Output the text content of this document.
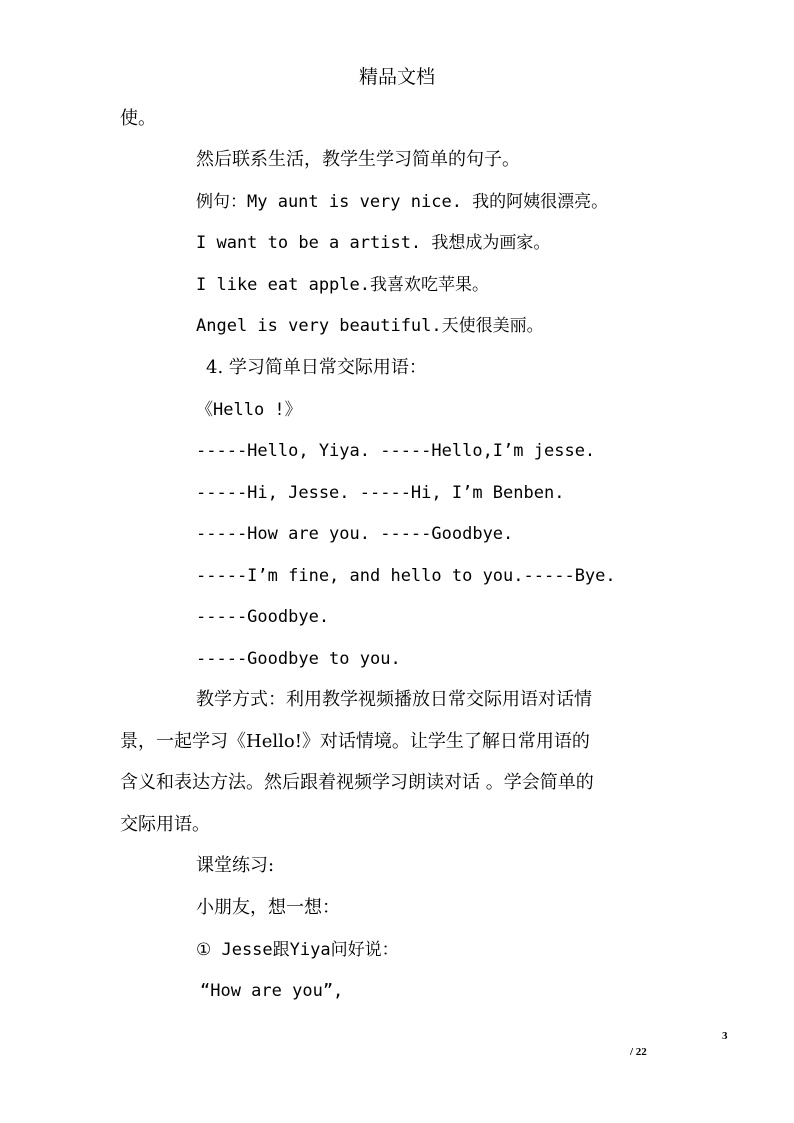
精品文档
使。
然后联系生活，教学生学习简单的句子。
例句：My aunt is very nice. 我的阿姨很漂亮。
I want to be a artist. 我想成为画家。
I like eat apple.我喜欢吃苹果。
Angel is very beautiful.天使很美丽。
4. 学习简单日常交际用语：
《Hello !》
-----Hello, Yiya. -----Hello,I’m jesse.
-----Hi, Jesse. -----Hi, I’m Benben.
-----How are you. -----Goodbye.
-----I’m fine, and hello to you.-----Bye.
-----Goodbye.
-----Goodbye to you.
教学方式：利用教学视频播放日常交际用语对话情
景，一起学习《Hello!》对话情境。让学生了解日常用语的
含义和表达方法。然后跟着视频学习朗读对话 。学会简单的
交际用语。
课堂练习:
小朋友，想一想：
① Jesse跟Yiya问好说：
“How are you”,
3
/ 22
